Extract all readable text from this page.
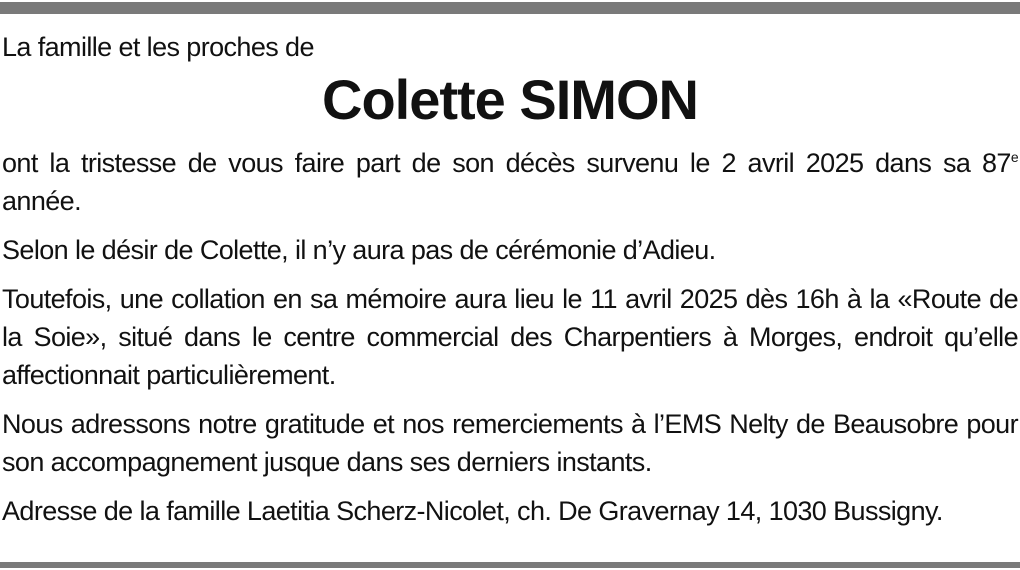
La famille et les proches de

Colette SIMON

ont la tristesse de vous faire part de son décès survenu le 2 avril 2025 dans sa 87e année.

Selon le désir de Colette, il n’y aura pas de cérémonie d’Adieu.

Toutefois, une collation en sa mémoire aura lieu le 11 avril 2025 dès 16h à la «Route de la Soie», situé dans le centre commercial des Charpentiers à Morges, endroit qu’elle affectionnait particulièrement.

Nous adressons notre gratitude et nos remerciements à l’EMS Nelty de Beausobre pour son accompagnement jusque dans ses derniers instants.

Adresse de la famille Laetitia Scherz-Nicolet, ch. De Gravernay 14, 1030 Bussigny.
